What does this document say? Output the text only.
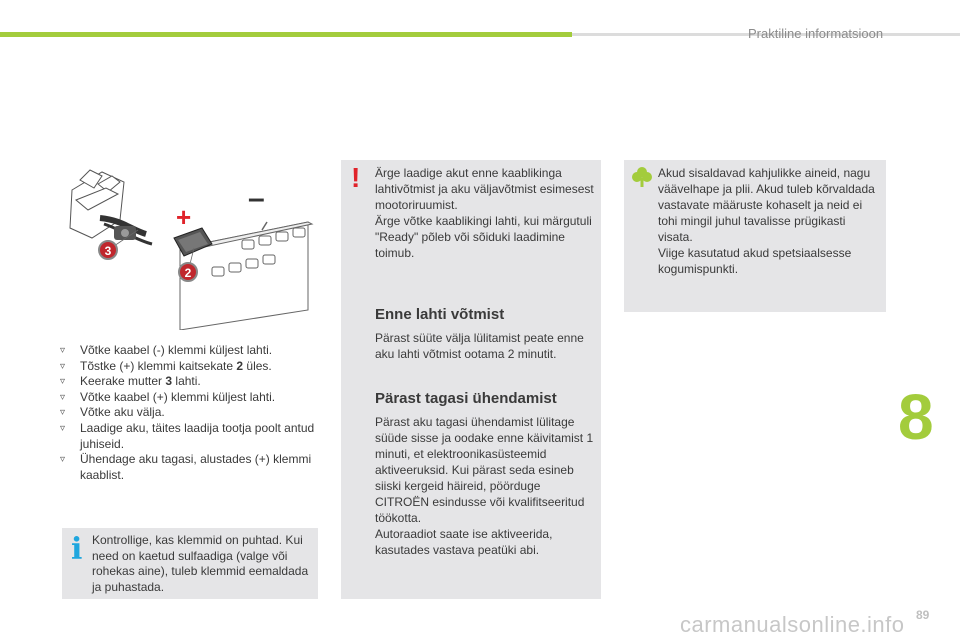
Praktiline informatsioon
+
–
3
2
▿ Võtke kaabel (-) klemmi küljest lahti.
▿ Tõstke (+) klemmi kaitsekate 2 üles.
▿ Keerake mutter 3 lahti.
▿ Võtke kaabel (+) klemmi küljest lahti.
▿ Võtke aku välja.
▿ Laadige aku, täites laadija tootja poolt antud juhiseid.
▿ Ühendage aku tagasi, alustades (+) klemmi kaablist.
i Kontrollige, kas klemmid on puhtad. Kui need on kaetud sulfaadiga (valge või rohekas aine), tuleb klemmid eemaldada ja puhastada.
! Ärge laadige akut enne kaablikinga lahtivõtmist ja aku väljavõtmist esimesest mootoriruumist.
Ärge võtke kaablikingi lahti, kui märgutuli "Ready" põleb või sõiduki laadimine toimub.
Enne lahti võtmist
Pärast süüte välja lülitamist peate enne aku lahti võtmist ootama 2 minutit.
Pärast tagasi ühendamist
Pärast aku tagasi ühendamist lülitage süüde sisse ja oodake enne käivitamist 1 minuti, et elektroonikasüsteemid aktiveeruksid. Kui pärast seda esineb siiski kergeid häireid, pöörduge CITROËN esindusse või kvalifitseeritud töökotta.
Autoraadiot saate ise aktiveerida, kasutades vastava peatüki abi.
Akud sisaldavad kahjulikke aineid, nagu väävelhape ja plii. Akud tuleb kõrvaldada vastavate määruste kohaselt ja neid ei tohi mingil juhul tavalisse prügikasti visata.
Viige kasutatud akud spetsiaalsesse kogumispunkti.
8
carmanualsonline.info 89
